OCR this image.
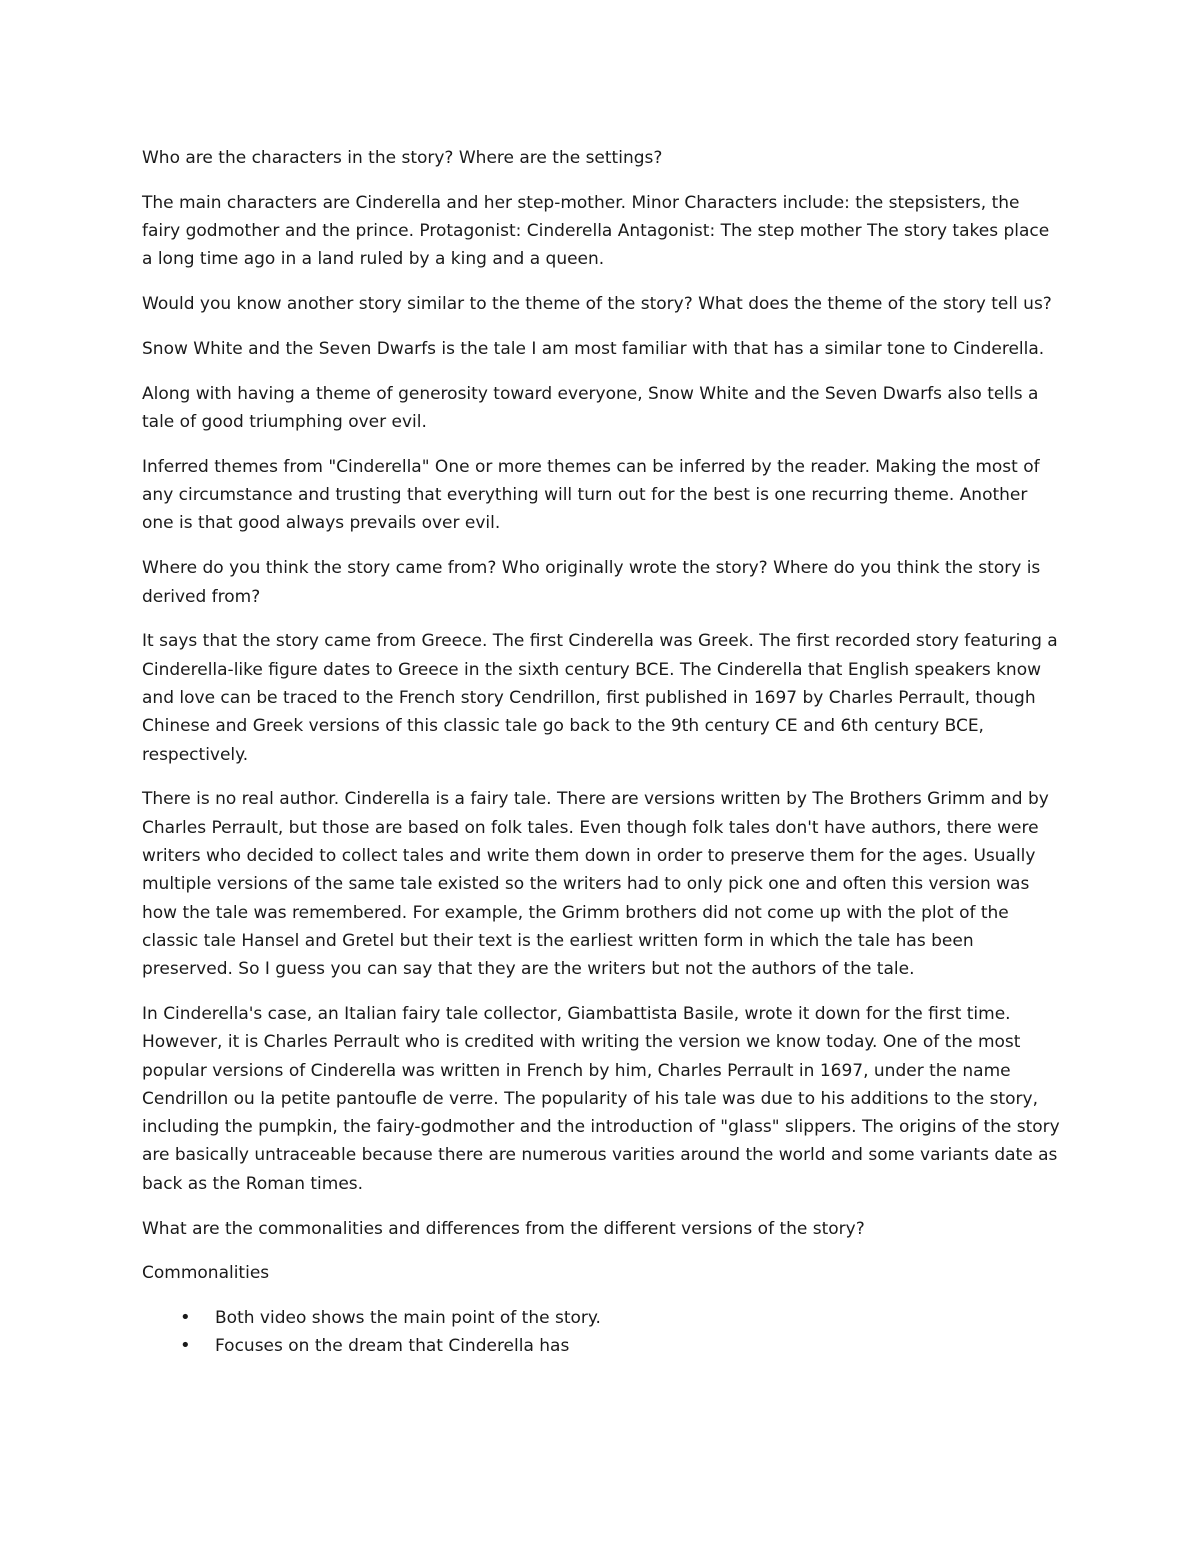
Who are the characters in the story? Where are the settings?

The main characters are Cinderella and her step-mother. Minor Characters include: the stepsisters, the fairy godmother and the prince. Protagonist: Cinderella Antagonist: The step mother The story takes place a long time ago in a land ruled by a king and a queen.

Would you know another story similar to the theme of the story? What does the theme of the story tell us?

Snow White and the Seven Dwarfs is the tale I am most familiar with that has a similar tone to Cinderella.

Along with having a theme of generosity toward everyone, Snow White and the Seven Dwarfs also tells a tale of good triumphing over evil.

Inferred themes from "Cinderella" One or more themes can be inferred by the reader. Making the most of any circumstance and trusting that everything will turn out for the best is one recurring theme. Another one is that good always prevails over evil.

Where do you think the story came from? Who originally wrote the story? Where do you think the story is derived from?

It says that the story came from Greece. The first Cinderella was Greek. The first recorded story featuring a Cinderella-like figure dates to Greece in the sixth century BCE. The Cinderella that English speakers know and love can be traced to the French story Cendrillon, first published in 1697 by Charles Perrault, though Chinese and Greek versions of this classic tale go back to the 9th century CE and 6th century BCE, respectively.

There is no real author. Cinderella is a fairy tale. There are versions written by The Brothers Grimm and by Charles Perrault, but those are based on folk tales. Even though folk tales don't have authors, there were writers who decided to collect tales and write them down in order to preserve them for the ages. Usually multiple versions of the same tale existed so the writers had to only pick one and often this version was how the tale was remembered. For example, the Grimm brothers did not come up with the plot of the classic tale Hansel and Gretel but their text is the earliest written form in which the tale has been preserved. So I guess you can say that they are the writers but not the authors of the tale.

In Cinderella's case, an Italian fairy tale collector, Giambattista Basile, wrote it down for the first time. However, it is Charles Perrault who is credited with writing the version we know today. One of the most popular versions of Cinderella was written in French by him, Charles Perrault in 1697, under the name Cendrillon ou la petite pantoufle de verre. The popularity of his tale was due to his additions to the story, including the pumpkin, the fairy-godmother and the introduction of "glass" slippers. The origins of the story are basically untraceable because there are numerous varities around the world and some variants date as back as the Roman times.

What are the commonalities and differences from the different versions of the story?

Commonalities

• Both video shows the main point of the story.
• Focuses on the dream that Cinderella has
